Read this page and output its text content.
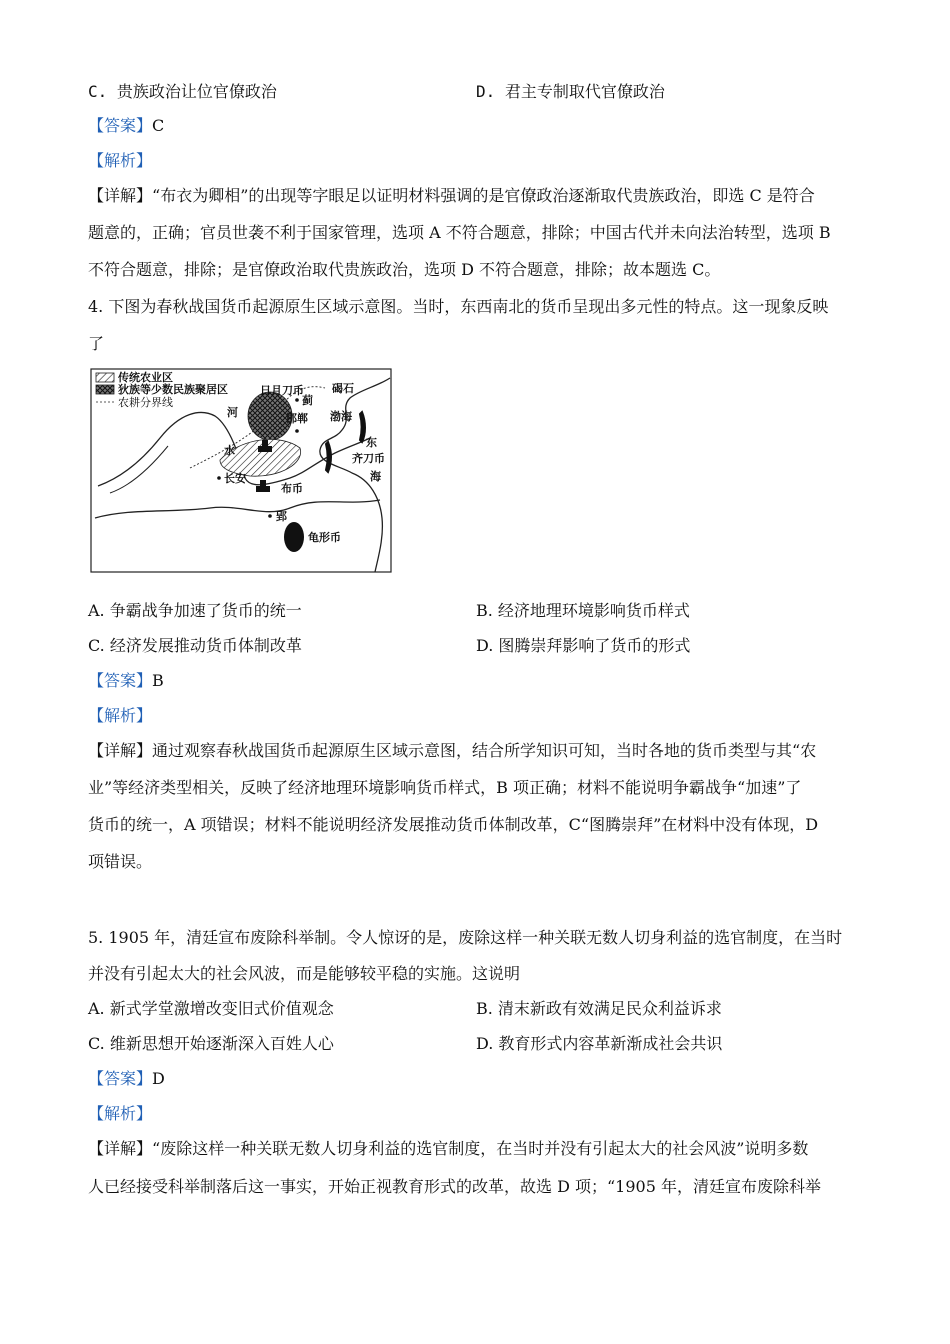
C. 贵族政治让位官僚政治	D. 君主专制取代官僚政治
【答案】C
【解析】
【详解】“布衣为卿相”的出现等字眼足以证明材料强调的是官僚政治逐渐取代贵族政治，即选 C 是符合
题意的，正确；官员世袭不利于国家管理，选项 A 不符合题意，排除；中国古代并未向法治转型，选项 B
不符合题意，排除；是官僚政治取代贵族政治，选项 D 不符合题意，排除；故本题选 C。
4. 下图为春秋战国货币起源原生区域示意图。当时，东西南北的货币呈现出多元性的特点。这一现象反映
了
传统农业区
狄族等少数民族聚居区
农耕分界线
日月刀币	碣石
河
蓟
邯郸 渤海
水
东
齐刀币
海
长安
布币
郢
龟形币
A. 争霸战争加速了货币的统一	B. 经济地理环境影响货币样式
C. 经济发展推动货币体制改革	D. 图腾崇拜影响了货币的形式
【答案】B
【解析】
【详解】通过观察春秋战国货币起源原生区域示意图，结合所学知识可知，当时各地的货币类型与其“农
业”等经济类型相关，反映了经济地理环境影响货币样式，B 项正确；材料不能说明争霸战争“加速”了
货币的统一，A 项错误；材料不能说明经济发展推动货币体制改革，C“图腾崇拜”在材料中没有体现，D
项错误。
5. 1905 年，清廷宣布废除科举制。令人惊讶的是，废除这样一种关联无数人切身利益的选官制度，在当时
并没有引起太大的社会风波，而是能够较平稳的实施。这说明
A. 新式学堂激增改变旧式价值观念	B. 清末新政有效满足民众利益诉求
C. 维新思想开始逐渐深入百姓人心	D. 教育形式内容革新渐成社会共识
【答案】D
【解析】
【详解】“废除这样一种关联无数人切身利益的选官制度，在当时并没有引起太大的社会风波”说明多数
人已经接受科举制落后这一事实，开始正视教育形式的改革，故选 D 项；“1905 年，清廷宣布废除科举
